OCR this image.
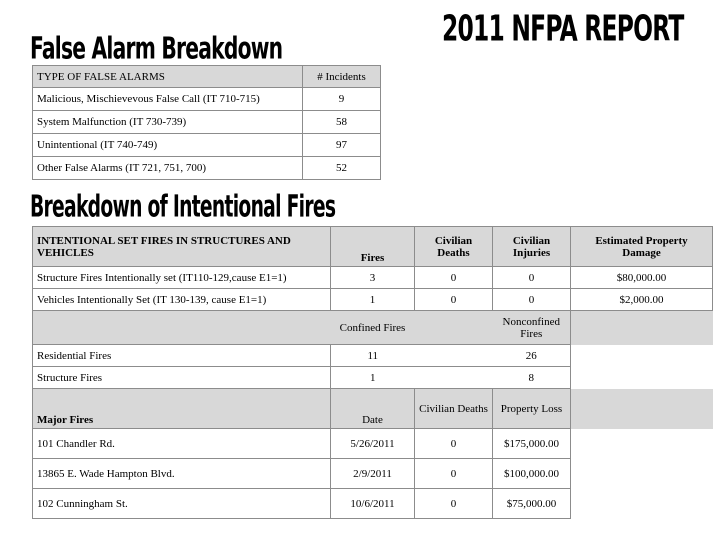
2011 NFPA REPORT
False Alarm Breakdown
TYPE OF FALSE ALARMS	# Incidents
Malicious, Mischievevous False Call (IT 710-715)	9
System Malfunction (IT 730-739)	58
Unintentional (IT 740-749)	97
Other False Alarms (IT 721, 751, 700)	52
Breakdown of Intentional Fires
INTENTIONAL SET FIRES IN STRUCTURES AND VEHICLES	Fires	Civilian Deaths	Civilian Injuries	Estimated Property Damage
Structure Fires Intentionally set (IT110-129,cause E1=1)	3	0	0	$80,000.00
Vehicles Intentionally Set (IT 130-139, cause E1=1)	1	0	0	$2,000.00
	Confined Fires		Nonconfined Fires	
Residential Fires	11		26	
Structure Fires	1		8	
Major Fires	Date	Civilian Deaths	Property Loss	
101 Chandler Rd.	5/26/2011	0	$175,000.00	
13865 E. Wade Hampton Blvd.	2/9/2011	0	$100,000.00	
102 Cunningham St.	10/6/2011	0	$75,000.00	
